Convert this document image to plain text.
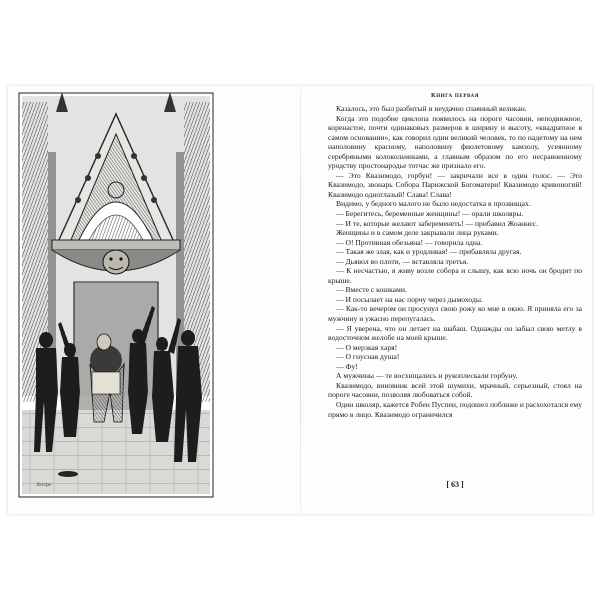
Лестре
Книга первая

Казалось, это был разбитый и неудачно спаянный великан.

Когда это подобие циклопа появилось на пороге часовни, неподвижное, коренастое, почти одинаковых размеров в ширину и высоту, «квадратное в самом основании», как говорил один великий человек, то по надетому на нем наполовину красному, наполовину фиолетовому камзолу, усеянному серебряными колокольчиками, а главным образом по его несравненному уродству простонародье тотчас же признало его.

— Это Квазимодо, горбун! — закричали все в один голос. — Это Квазимодо, звонарь Собора Парижской Богоматери! Квазимодо кривоногий! Квазимодо одноглазый! Слава! Слава!

Видимо, у бедного малого не было недостатка в прозвищах.

— Берегитесь, беременные женщины! — орали школяры.

— И те, которые желают забеременеть! — прибавил Жоаннес.

Женщины и в самом деле закрывали лица руками.

— О! Противная обезьяна! — говорила одна.

— Такая же злая, как и уродливая! — прибавляла другая.

— Дьявол во плоти, — вставляла третья.

— К несчастью, я живу возле собора и слышу, как всю ночь он бродит по крыше.

— Вместе с кошками.

— И посылает на нас порчу через дымоходы.

— Как-то вечером он просунул свою рожу ко мне в окно. Я приняла его за мужчину и ужасно перепугалась.

— Я уверена, что он летает на шабаш. Однажды он забыл свою метлу в водосточном желобе на моей крыше.

— О мерзкая харя!

— О гнусная душа!

— Фу!

А мужчины — те восхищались и рукоплескали горбуну.

Квазимодо, виновник всей этой шумихи, мрачный, серьезный, стоял на пороге часовни, позволяя любоваться собой.

Один школяр, кажется Робен Пуспен, подошел поближе и расхохотался ему прямо в лицо. Квазимодо ограничился

[ 63 ]
